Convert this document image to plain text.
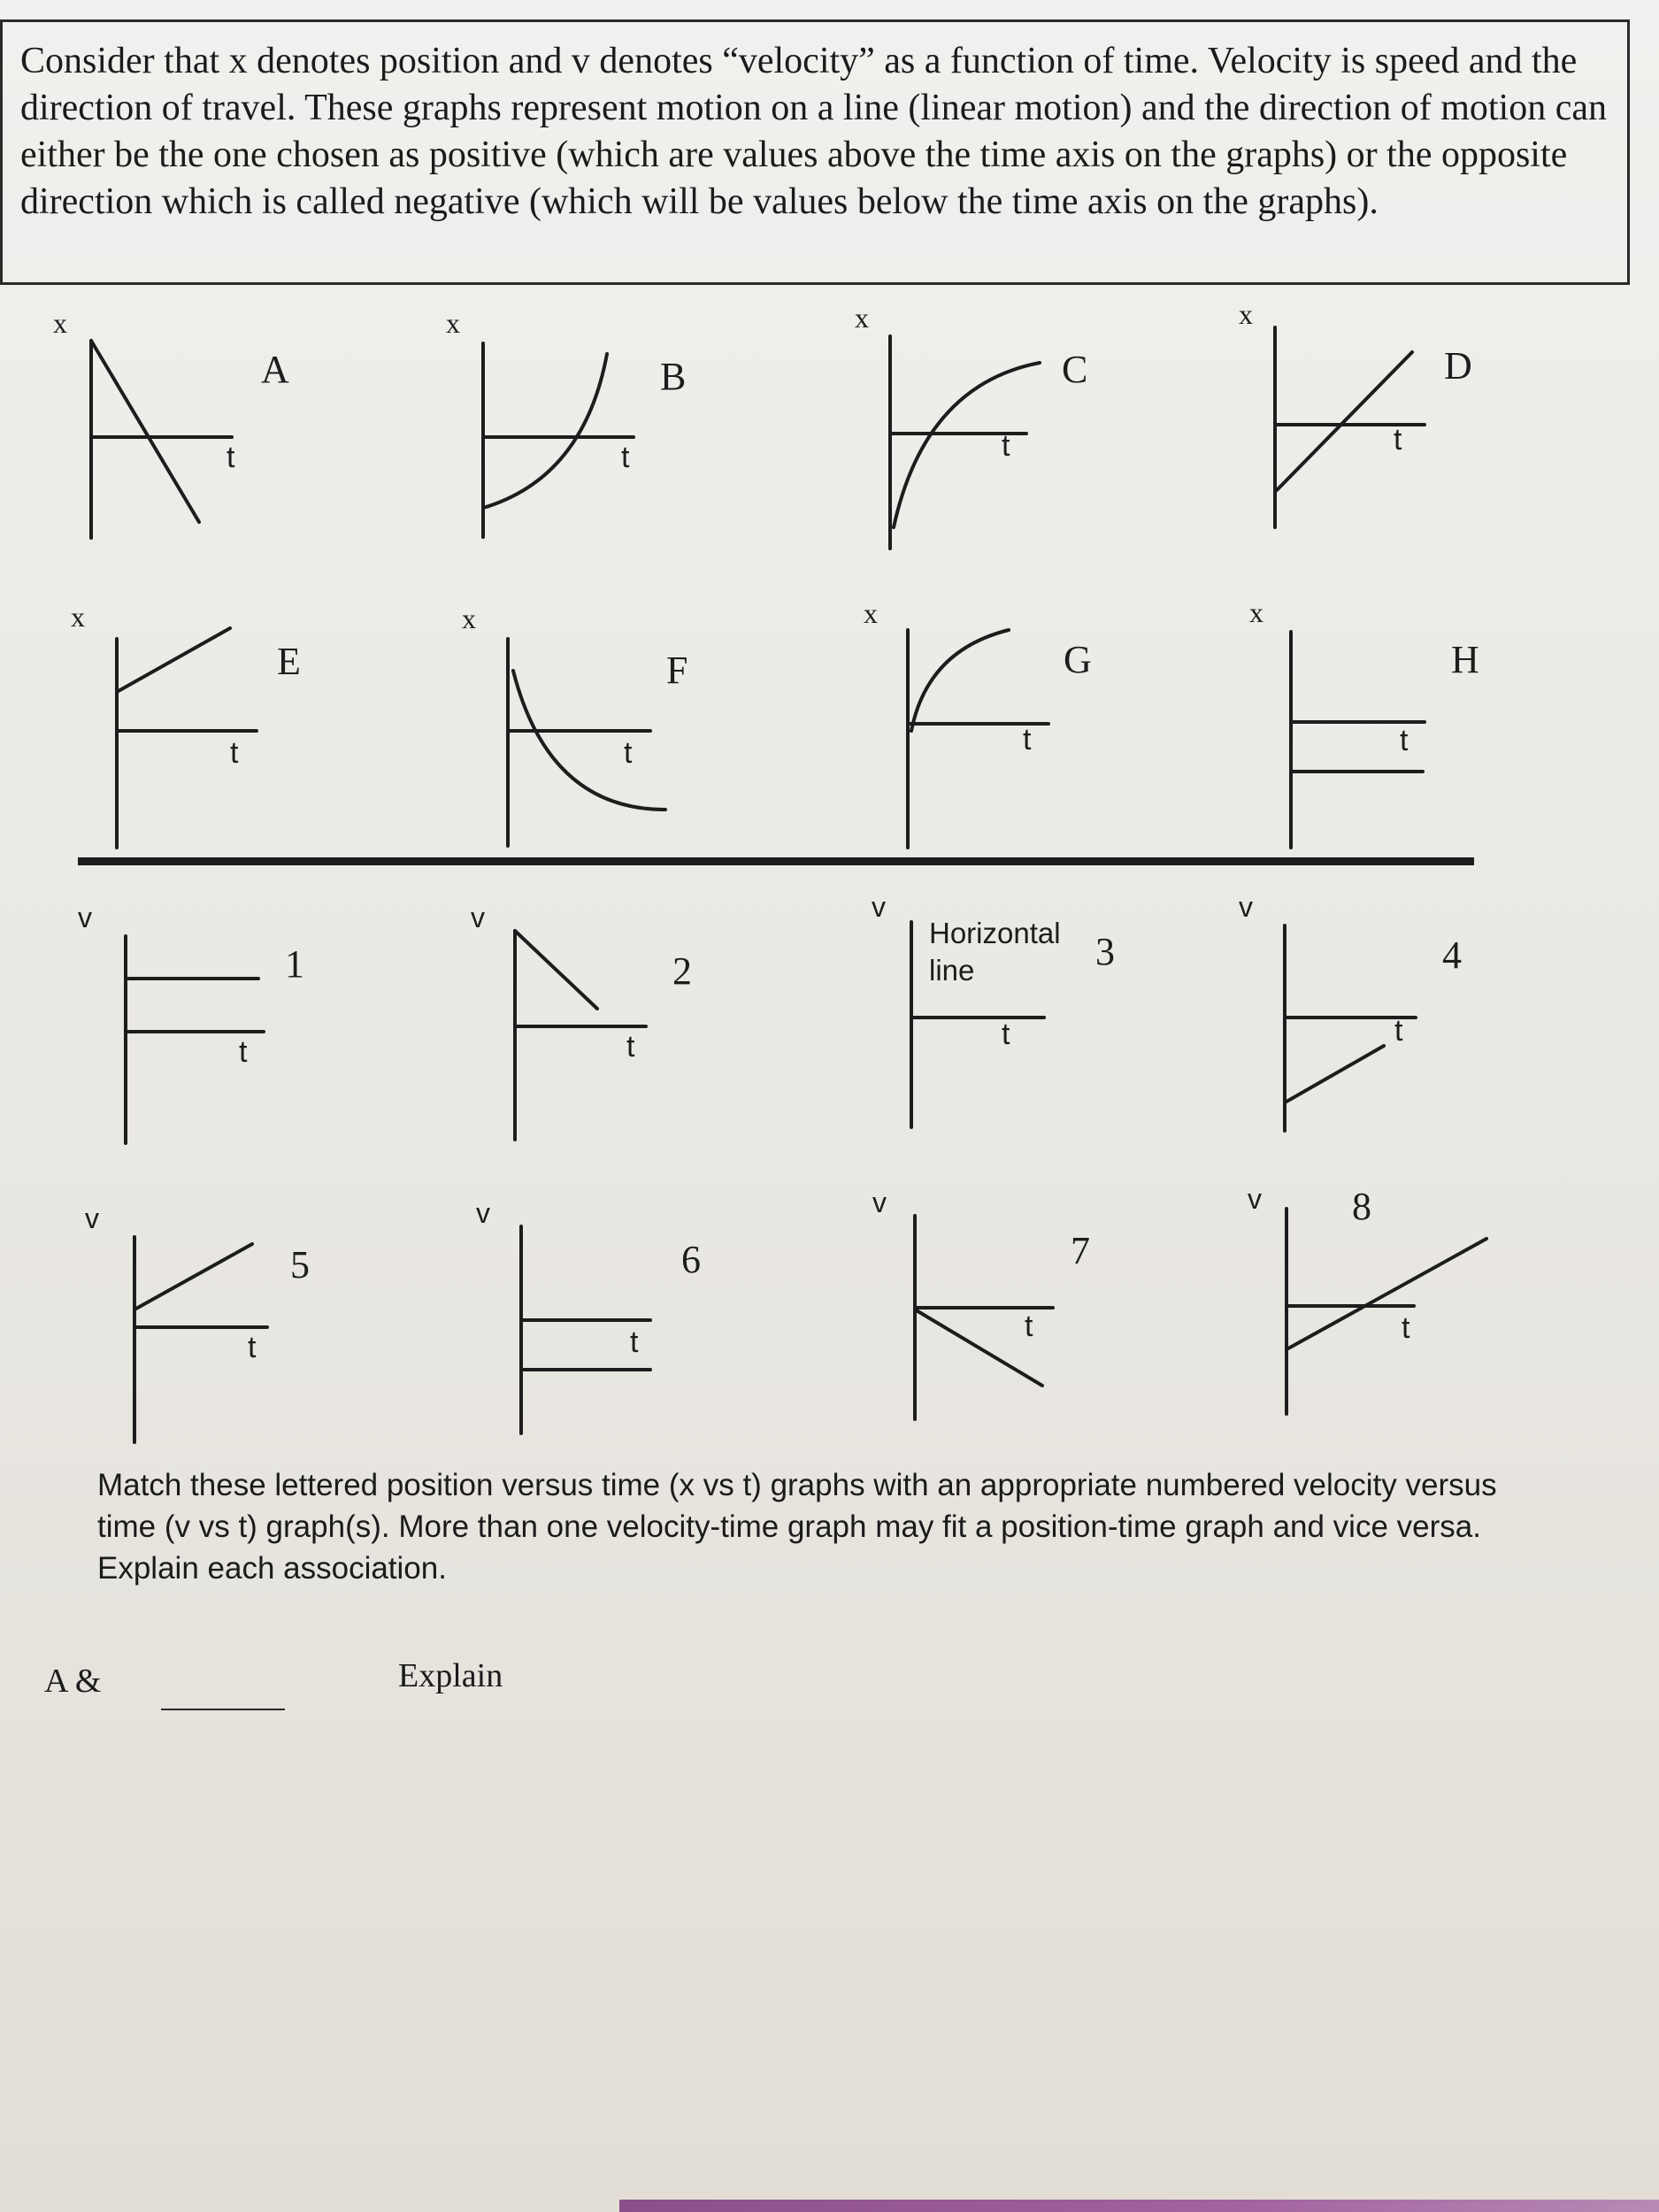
Consider that x denotes position and v denotes “velocity” as a function of time. Velocity is speed and the direction of travel. These graphs represent motion on a line (linear motion) and the direction of motion can either be the one chosen as positive (which are values above the time axis on the graphs) or the opposite direction which is called negative (which will be values below the time axis on the graphs).
x
t
A
x
t
B
x
t
C
x
t
D
x
t
E
x
t
F
x
t
G
x
t
H
v
t
1
v
t
2
v
t
Horizontal
line	3
v
t
4
v
t
5
v
t
6
v
t
7
v
t
8
Match these lettered position versus time (x vs t) graphs with an appropriate numbered velocity versus time (v vs t) graph(s). More than one velocity-time graph may fit a position-time graph and vice versa. Explain each association.
A &	Explain
